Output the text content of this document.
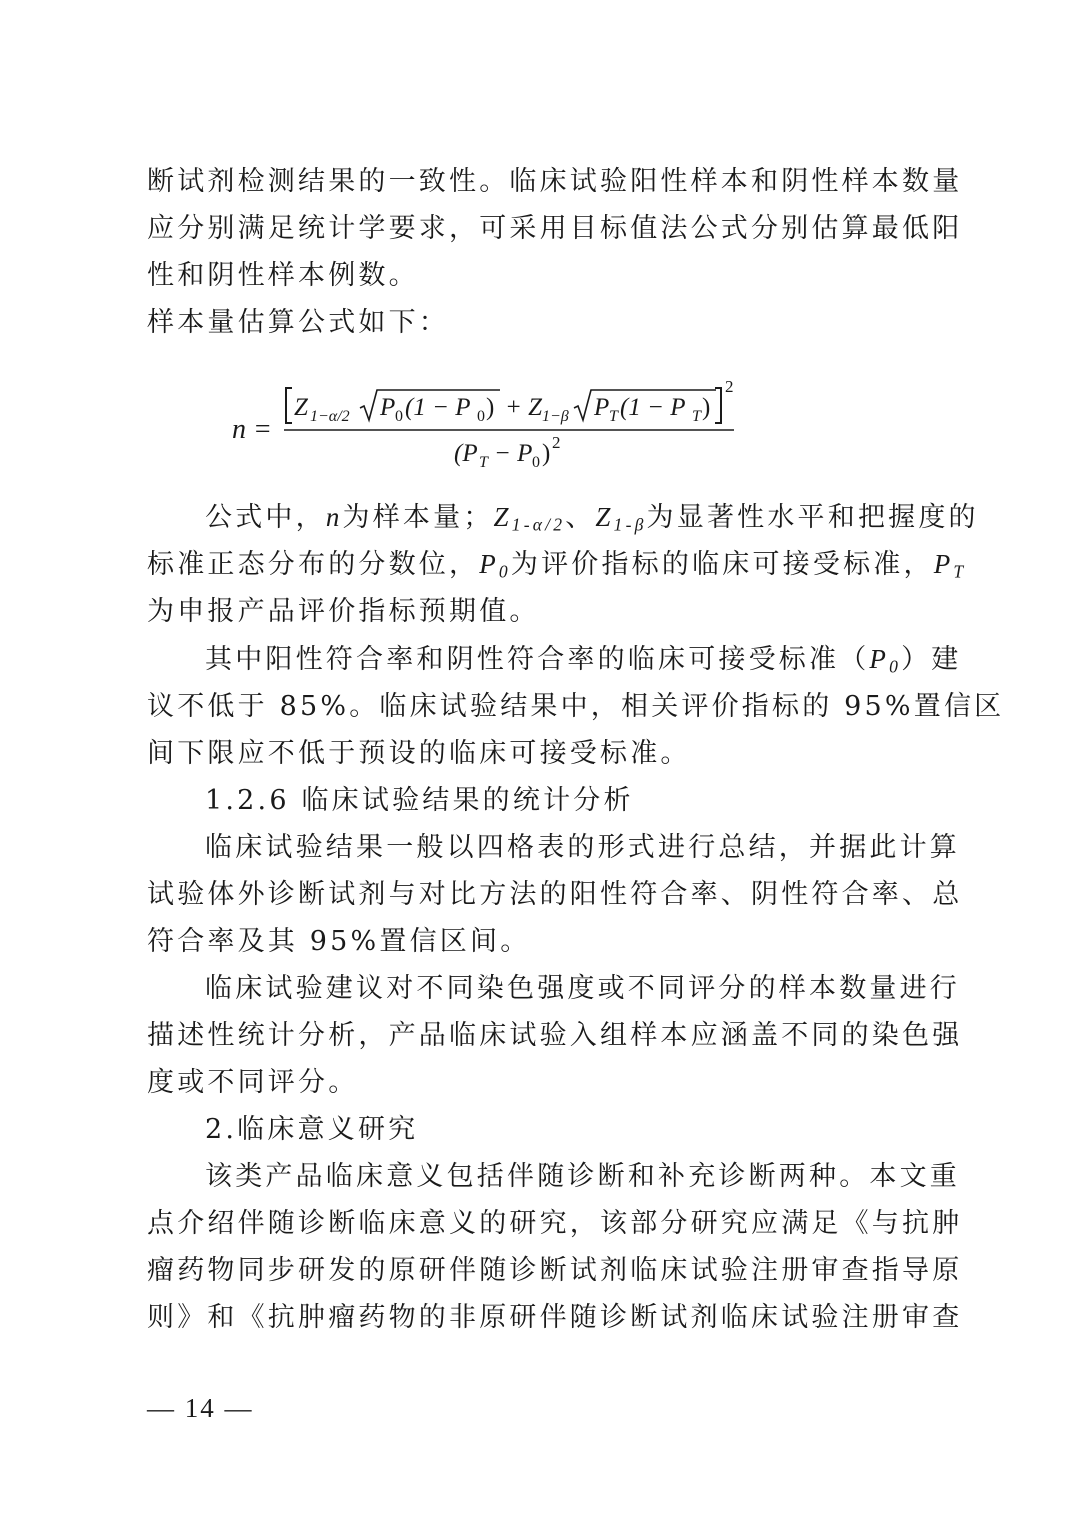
断试剂检测结果的一致性。临床试验阳性样本和阴性样本数量
应分别满足统计学要求，可采用目标值法公式分别估算最低阳
性和阴性样本例数。
样本量估算公式如下：
n =
Z 1−α/2 P 0 (1 − P 0 ) + Z 1−β P T (1 − P T )
2
(P T − P 0 ) 2
公式中，n为样本量；$Z_{1-\alpha/2}$、$Z_{1-\beta}$为显著性水平和把握度的
标准正态分布的分数位，$P_0$为评价指标的临床可接受标准，$P_T$
为申报产品评价指标预期值。
其中阳性符合率和阴性符合率的临床可接受标准$(P_0)$建
议不低于 85%。临床试验结果中，相关评价指标的 95%置信区
间下限应不低于预设的临床可接受标准。
1.2.6 临床试验结果的统计分析
临床试验结果一般以四格表的形式进行总结，并据此计算
试验体外诊断试剂与对比方法的阳性符合率、阴性符合率、总
符合率及其 95%置信区间。
临床试验建议对不同染色强度或不同评分的样本数量进行
描述性统计分析，产品临床试验入组样本应涵盖不同的染色强
度或不同评分。
2.临床意义研究
该类产品临床意义包括伴随诊断和补充诊断两种。本文重
点介绍伴随诊断临床意义的研究，该部分研究应满足《与抗肿
瘤药物同步研发的原研伴随诊断试剂临床试验注册审查指导原
则》和《抗肿瘤药物的非原研伴随诊断试剂临床试验注册审查
— 14 —
